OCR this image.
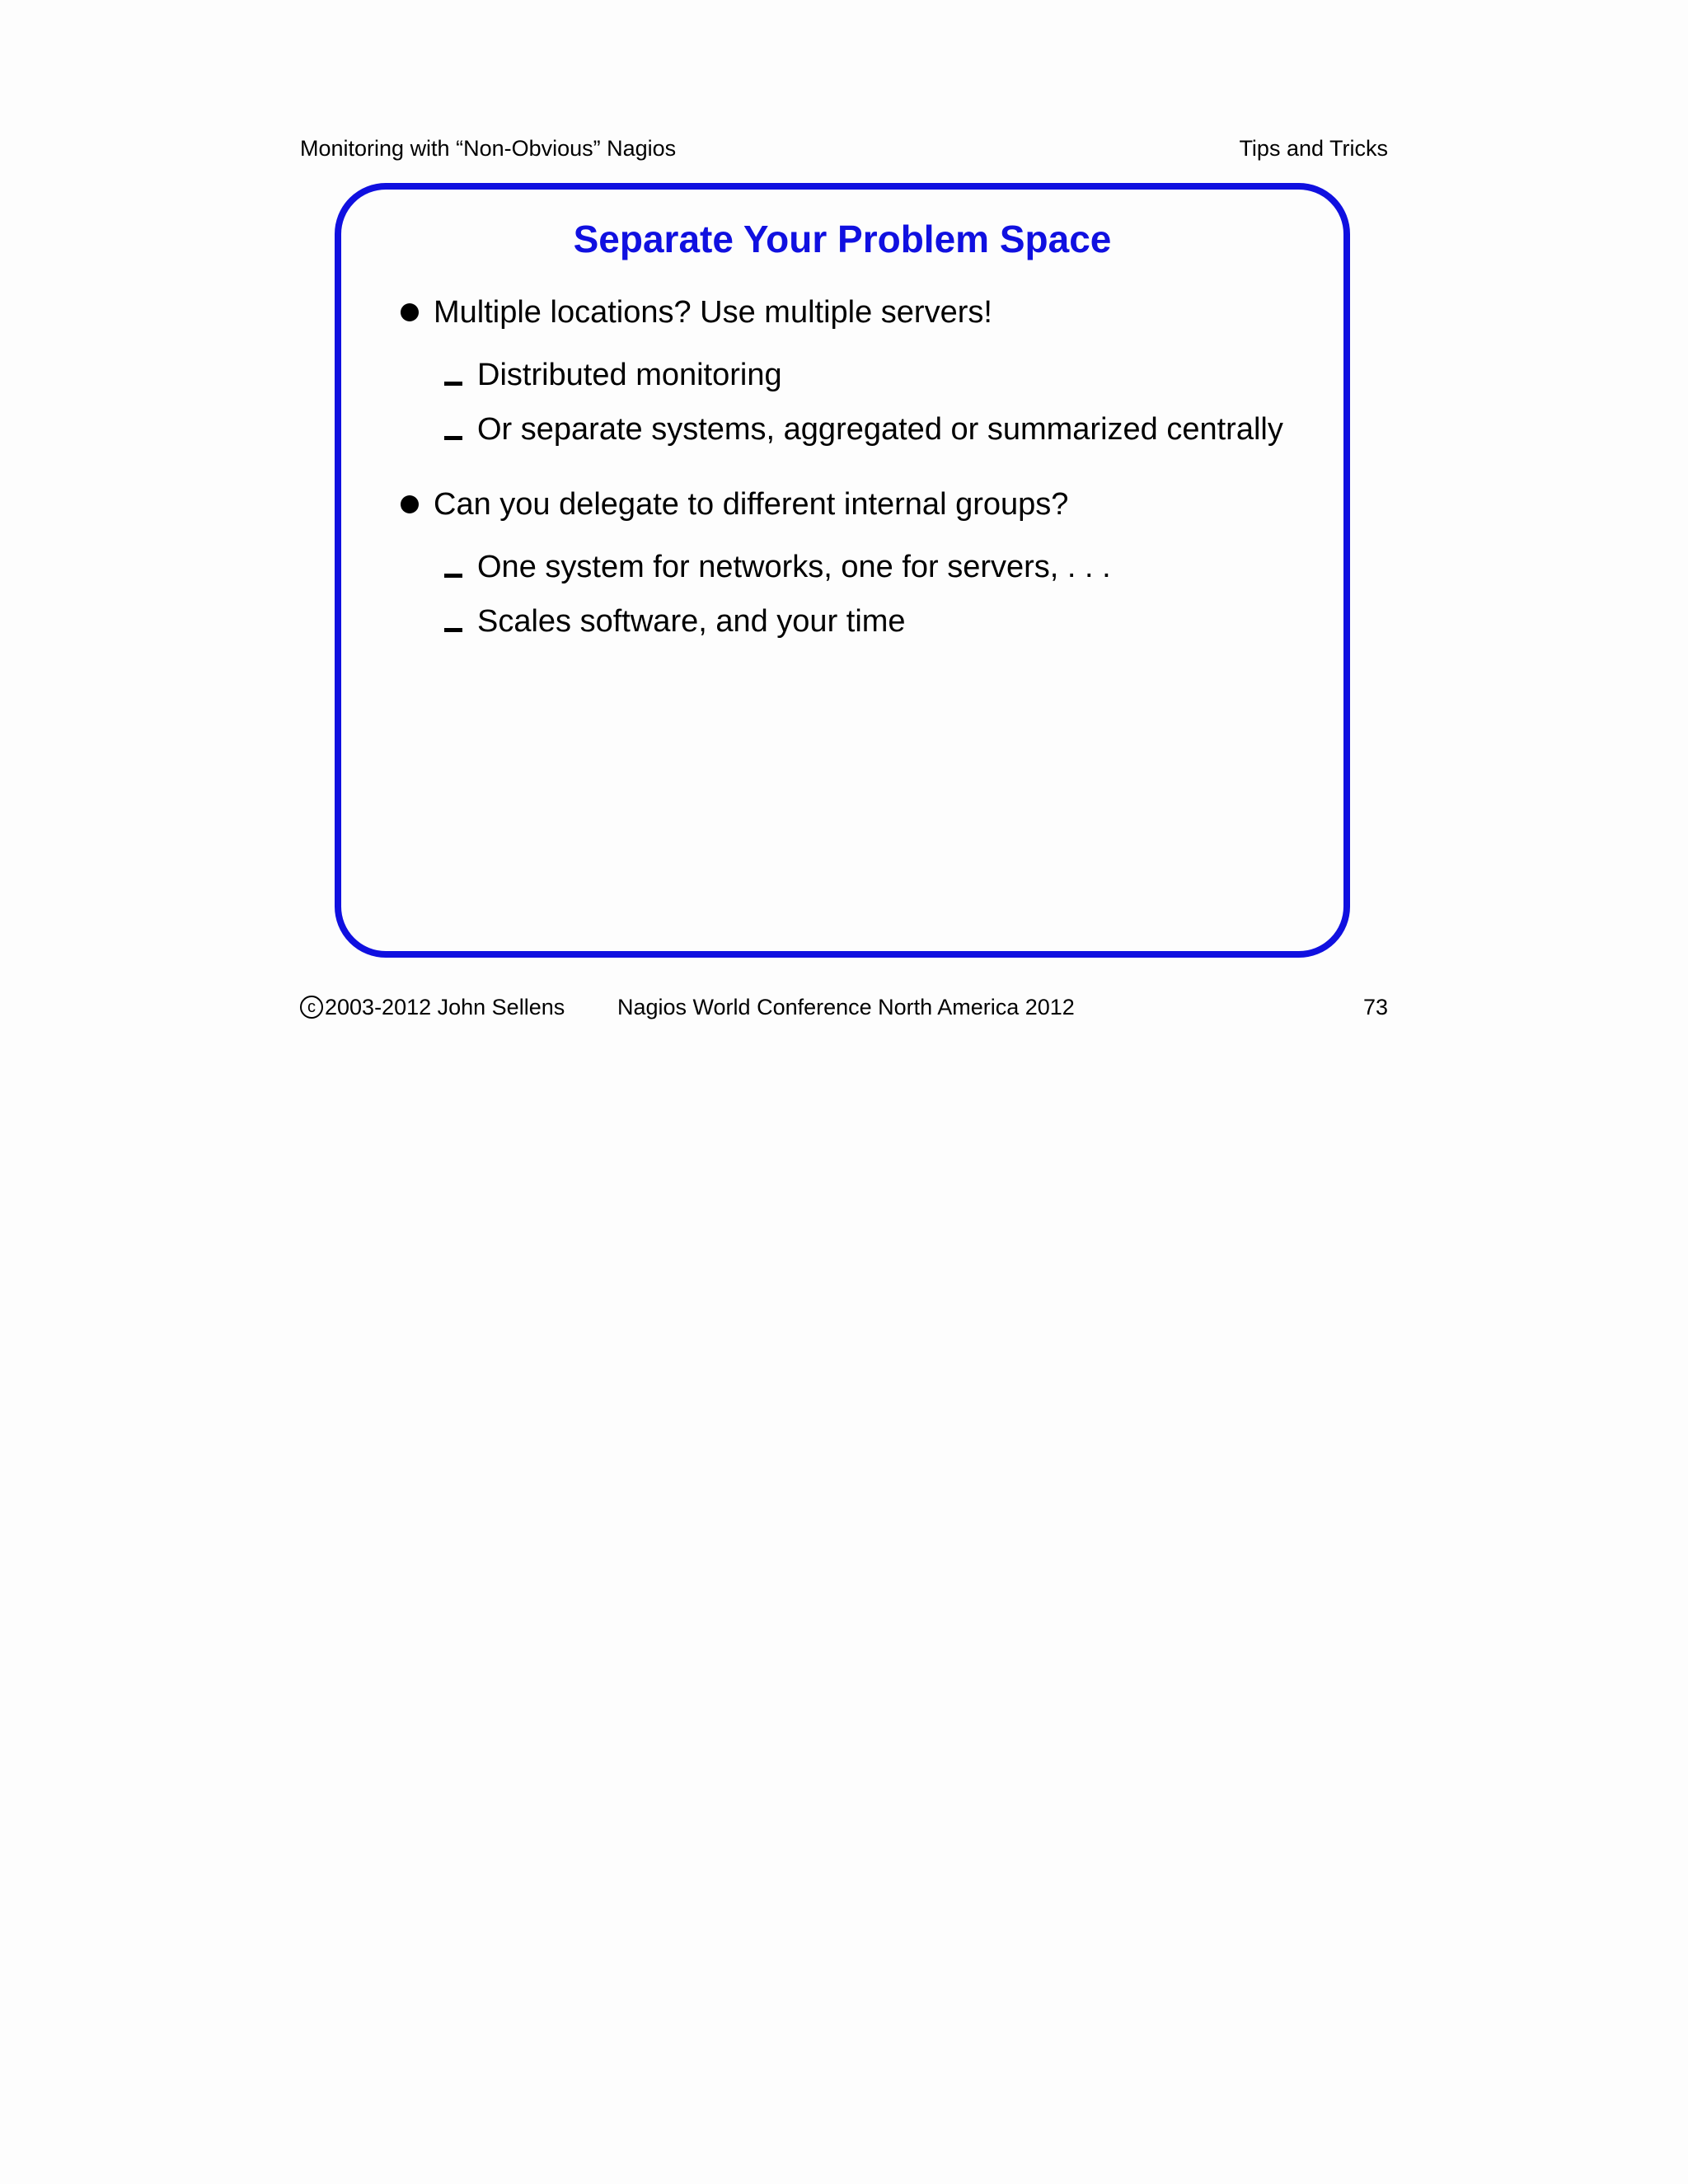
Monitoring with “Non-Obvious” Nagios	Tips and Tricks
Separate Your Problem Space
Multiple locations? Use multiple servers!
Distributed monitoring
Or separate systems, aggregated or summarized centrally
Can you delegate to different internal groups?
One system for networks, one for servers, . . .
Scales software, and your time
c 2003-2012 John Sellens Nagios World Conference North America 2012	73
